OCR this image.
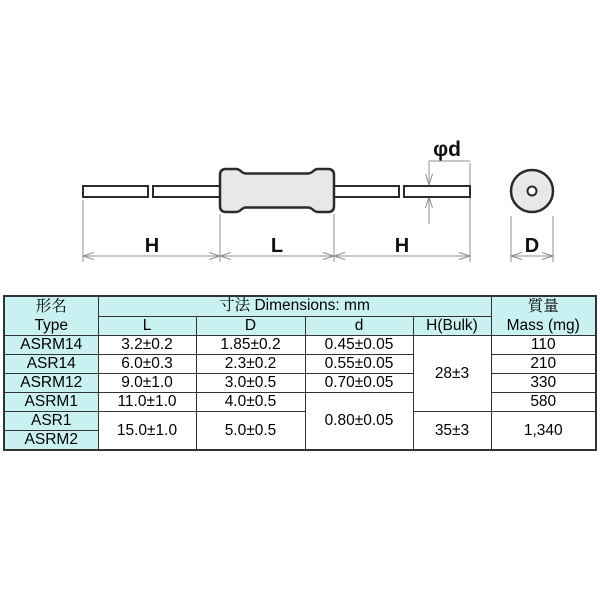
H	L	H
φd
D
形名
Type
	寸法 Dimensions: mm	質量
Mass (mg)

	L	D	d	H(Bulk)	
ASRM14	3.2±0.2	1.85±0.2	0.45±0.05	28±3	110
ASR14	6.0±0.3	2.3±0.2	0.55±0.05		210
ASRM12	9.0±1.0	3.0±0.5	0.70±0.05		330
ASRM1	11.0±1.0	4.0±0.5	0.80±0.05		580
ASR1	15.0±1.0	5.0±0.5		35±3	1,340
ASRM2					
